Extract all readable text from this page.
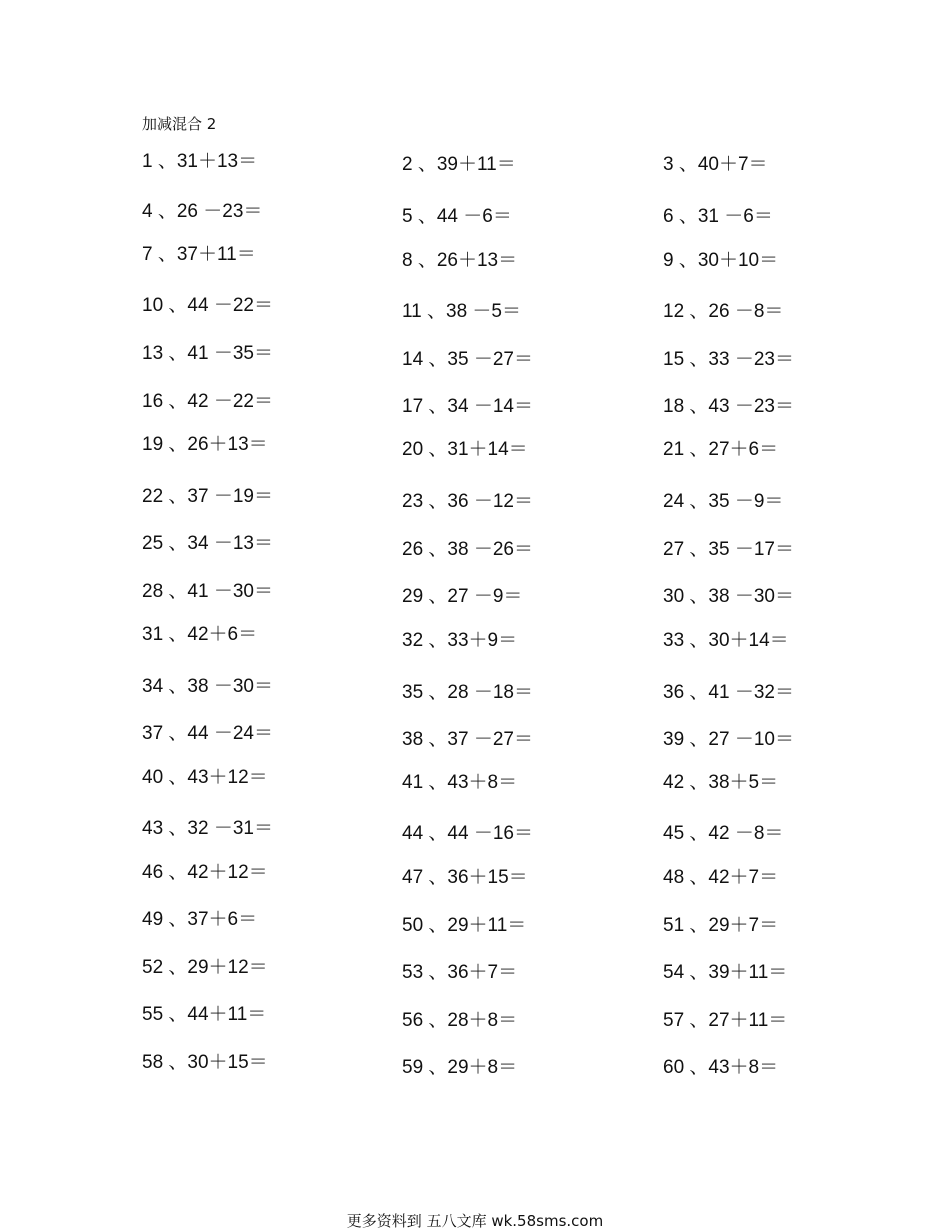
加减混合 2
1 、31＋13＝	2 、39＋11＝	3 、40＋7＝
4 、26 －23＝	5 、44 －6＝	6 、31 －6＝
7 、37＋11＝	8 、26＋13＝	9 、30＋10＝
10 、44 －22＝	11 、38 －5＝	12 、26 －8＝
13 、41 －35＝	14 、35 －27＝	15 、33 －23＝
16 、42 －22＝	17 、34 －14＝	18 、43 －23＝
19 、26＋13＝	20 、31＋14＝	21 、27＋6＝
22 、37 －19＝	23 、36 －12＝	24 、35 －9＝
25 、34 －13＝	26 、38 －26＝	27 、35 －17＝
28 、41 －30＝	29 、27 －9＝	30 、38 －30＝
31 、42＋6＝	32 、33＋9＝	33 、30＋14＝
34 、38 －30＝	35 、28 －18＝	36 、41 －32＝
37 、44 －24＝	38 、37 －27＝	39 、27 －10＝
40 、43＋12＝	41 、43＋8＝	42 、38＋5＝
43 、32 －31＝	44 、44 －16＝	45 、42 －8＝
46 、42＋12＝	47 、36＋15＝	48 、42＋7＝
49 、37＋6＝	50 、29＋11＝	51 、29＋7＝
52 、29＋12＝	53 、36＋7＝	54 、39＋11＝
55 、44＋11＝	56 、28＋8＝	57 、27＋11＝
58 、30＋15＝	59 、29＋8＝	60 、43＋8＝
更多资料到 五八文库 wk.58sms.com
